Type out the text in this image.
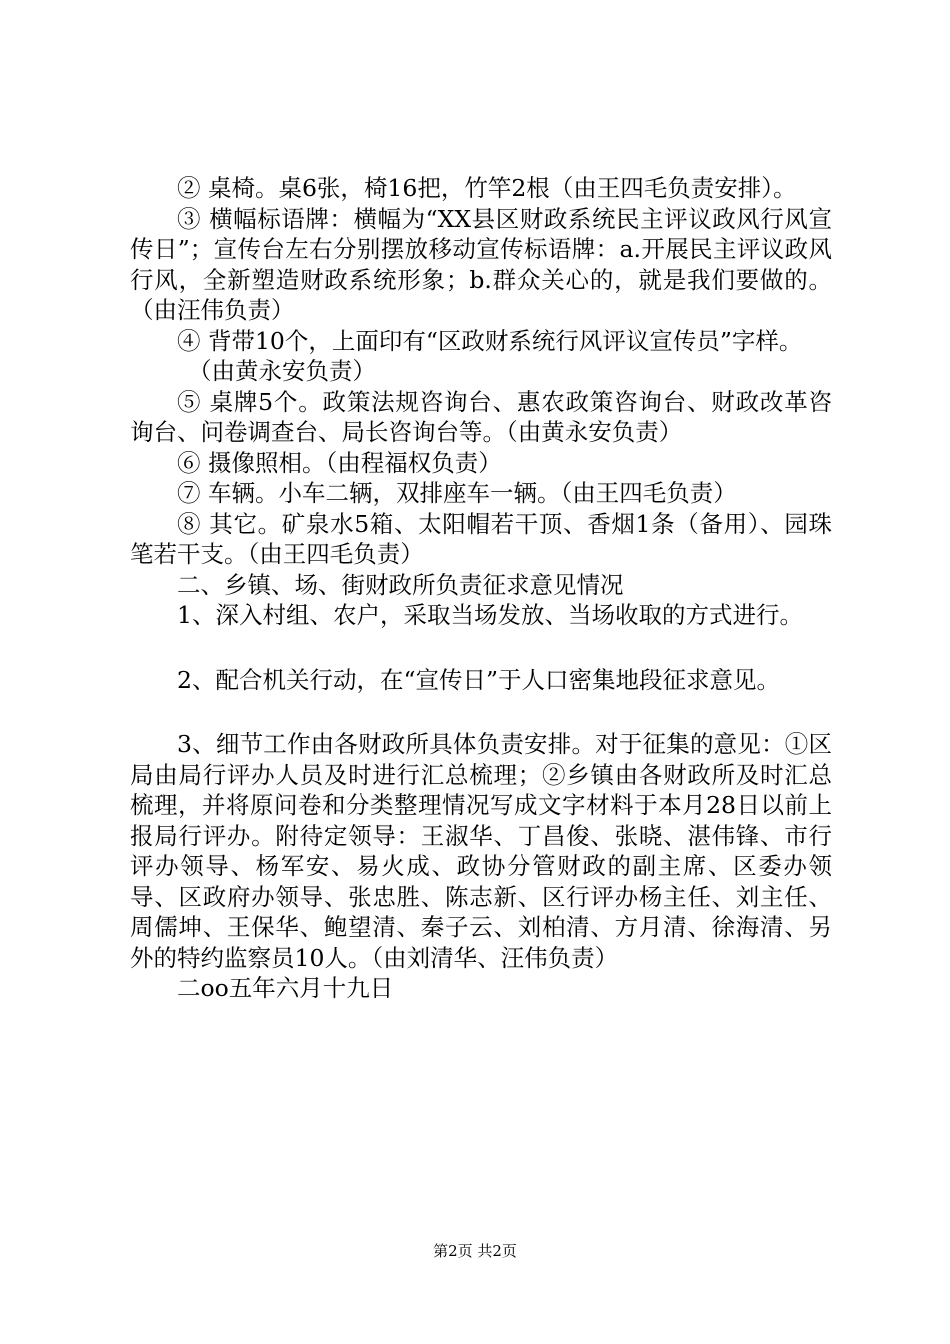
② 桌椅。桌6张，椅16把，竹竿2根（由王四毛负责安排）。

③ 横幅标语牌：横幅为“XX县区财政系统民主评议政风行风宣传日”；宣传台左右分别摆放移动宣传标语牌：a.开展民主评议政风行风，全新塑造财政系统形象；b.群众关心的，就是我们要做的。（由汪伟负责）

④ 背带10个，上面印有“区政财系统行风评议宣传员”字样。

（由黄永安负责）

⑤ 桌牌5个。政策法规咨询台、惠农政策咨询台、财政改革咨询台、问卷调查台、局长咨询台等。（由黄永安负责）

⑥ 摄像照相。（由程福权负责）

⑦ 车辆。小车二辆，双排座车一辆。（由王四毛负责）

⑧ 其它。矿泉水5箱、太阳帽若干顶、香烟1条（备用）、园珠笔若干支。（由王四毛负责）

二、乡镇、场、街财政所负责征求意见情况

1、深入村组、农户，采取当场发放、当场收取的方式进行。

2、配合机关行动，在“宣传日”于人口密集地段征求意见。

3、细节工作由各财政所具体负责安排。对于征集的意见：①区局由局行评办人员及时进行汇总梳理；②乡镇由各财政所及时汇总梳理，并将原问卷和分类整理情况写成文字材料于本月28日以前上报局行评办。附待定领导：王淑华、丁昌俊、张晓、湛伟锋、市行评办领导、杨军安、易火成、政协分管财政的副主席、区委办领导、区政府办领导、张忠胜、陈志新、区行评办杨主任、刘主任、周儒坤、王保华、鲍望清、秦子云、刘柏清、方月清、徐海清、另外的特约监察员10人。（由刘清华、汪伟负责）

二oo五年六月十九日

第2页 共2页
